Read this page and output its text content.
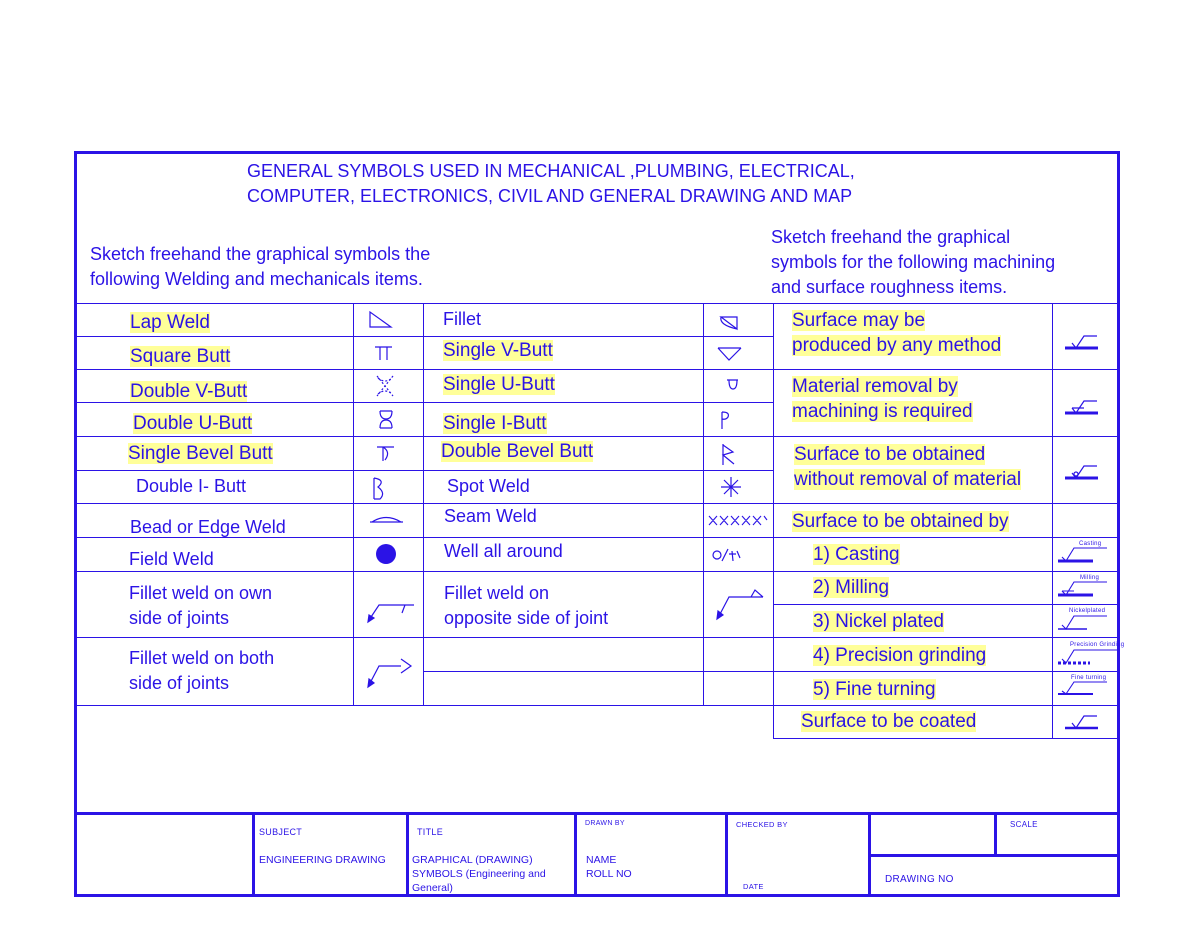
GENERAL SYMBOLS USED IN MECHANICAL ,PLUMBING, ELECTRICAL,
COMPUTER, ELECTRONICS, CIVIL AND GENERAL DRAWING AND MAP
Sketch freehand the graphical symbols the
following Welding and mechanicals items.
Sketch freehand the graphical
symbols for the following machining
and surface roughness items.
Lap Weld
Square Butt
Double V-Butt
Double U-Butt
Single Bevel Butt
Double I- Butt
Bead or Edge Weld
Field Weld
Fillet weld on own
side of joints
Fillet weld on both
side of joints
Fillet
Single V-Butt
Single U-Butt
Single I-Butt
Double Bevel Butt
Spot Weld
Seam Weld
Well all around
Fillet weld on
opposite side of joint
Surface may be
produced by any method
Material removal by
machining is required
Surface to be obtained
without removal of material
Surface to be obtained by
1) Casting
2) Milling
3) Nickel plated
4) Precision grinding
5) Fine turning
Surface to be coated
Casting
Milling
Nickelplated
Precision Grinding
Fine turning
SUBJECT
ENGINEERING DRAWING
TITLE
GRAPHICAL (DRAWING)
SYMBOLS (Engineering and
General)
DRAWN BY
NAME
ROLL NO
CHECKED BY
DATE
SCALE
DRAWING NO
